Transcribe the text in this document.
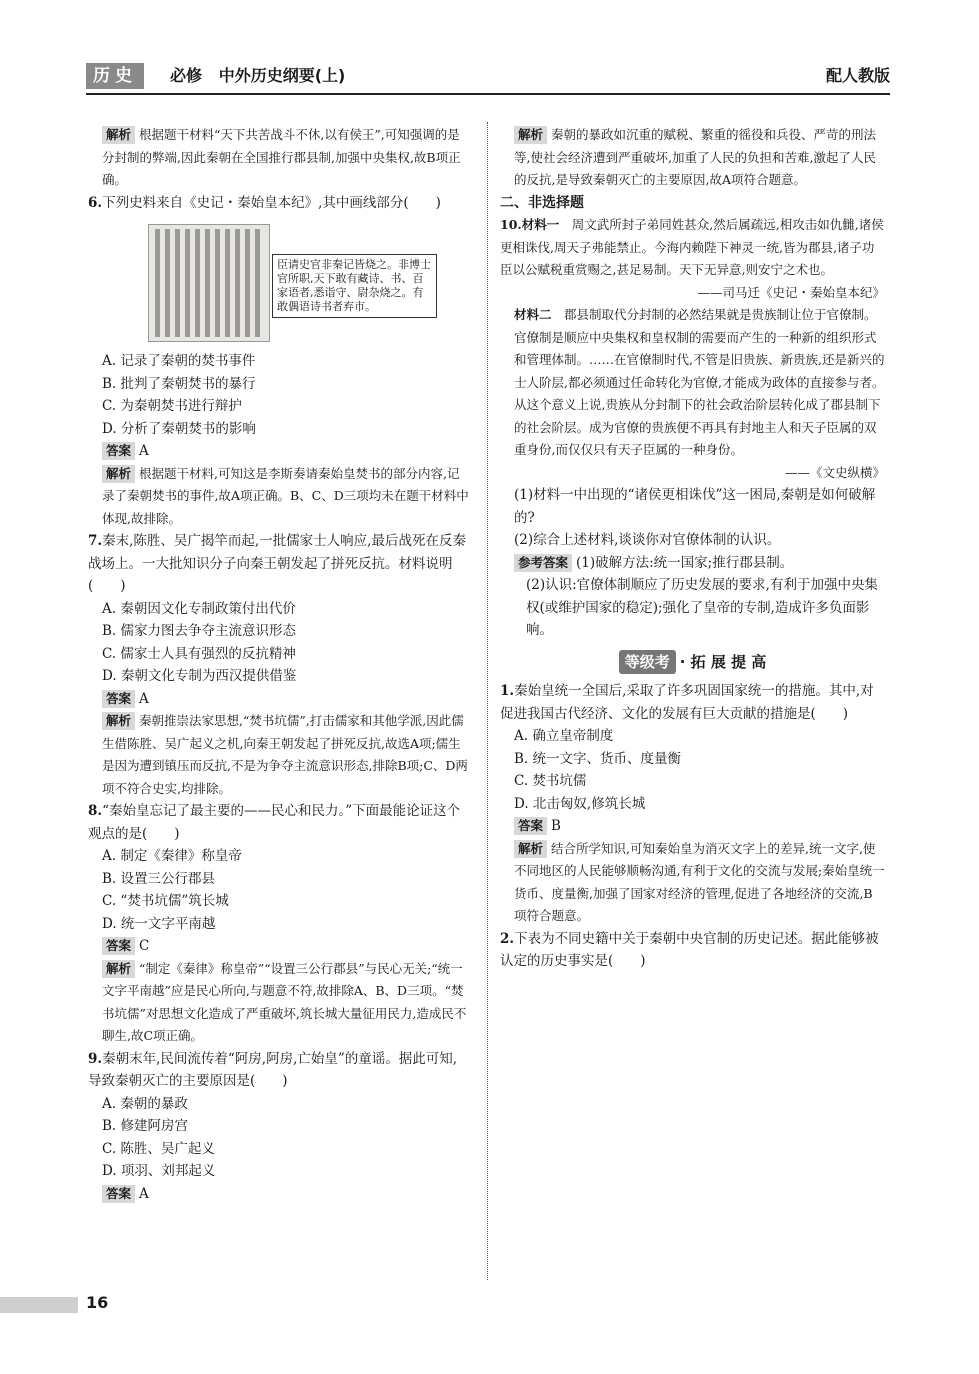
历史	必修   中外历史纲要(上)	配人教版

解析 根据题干材料“天下共苦战斗不休,以有侯王”,可知强调的是分封制的弊端,因此秦朝在全国推行郡县制,加强中央集权,故B项正确。

6.下列史料来自《史记・秦始皇本纪》,其中画线部分(　　)

臣请史官非秦记皆烧之。非博士官所职,天下敢有藏诗、书、百家语者,悉诣守、尉杂烧之。有敢偶语诗书者弃市。

A. 记录了秦朝的焚书事件

B. 批判了秦朝焚书的暴行

C. 为秦朝焚书进行辩护

D. 分析了秦朝焚书的影响

答案 A

解析 根据题干材料,可知这是李斯奏请秦始皇焚书的部分内容,记录了秦朝焚书的事件,故A项正确。B、C、D三项均未在题干材料中体现,故排除。

7.秦末,陈胜、吴广揭竿而起,一批儒家士人响应,最后战死在反秦战场上。一大批知识分子向秦王朝发起了拼死反抗。材料说明(　　)

A. 秦朝因文化专制政策付出代价

B. 儒家力图去争夺主流意识形态

C. 儒家士人具有强烈的反抗精神

D. 秦朝文化专制为西汉提供借鉴

答案 A

解析 秦朝推崇法家思想,“焚书坑儒”,打击儒家和其他学派,因此儒生借陈胜、吴广起义之机,向秦王朝发起了拼死反抗,故选A项;儒生是因为遭到镇压而反抗,不是为争夺主流意识形态,排除B项;C、D两项不符合史实,均排除。

8.“秦始皇忘记了最主要的——民心和民力。”下面最能论证这个观点的是(　　)

A. 制定《秦律》称皇帝

B. 设置三公行郡县

C. “焚书坑儒”筑长城

D. 统一文字平南越

答案 C

解析 “制定《秦律》称皇帝”“设置三公行郡县”与民心无关;“统一文字平南越”应是民心所向,与题意不符,故排除A、B、D三项。“焚书坑儒”对思想文化造成了严重破坏,筑长城大量征用民力,造成民不聊生,故C项正确。

9.秦朝末年,民间流传着“阿房,阿房,亡始皇”的童谣。据此可知,导致秦朝灭亡的主要原因是(　　)

A. 秦朝的暴政

B. 修建阿房宫

C. 陈胜、吴广起义

D. 项羽、刘邦起义

答案 A

解析 秦朝的暴政如沉重的赋税、繁重的徭役和兵役、严苛的刑法等,使社会经济遭到严重破坏,加重了人民的负担和苦难,激起了人民的反抗,是导致秦朝灭亡的主要原因,故A项符合题意。

二、非选择题

10.材料一　 周文武所封子弟同姓甚众,然后属疏远,相攻击如仇雠,诸侯更相诛伐,周天子弗能禁止。今海内赖陛下神灵一统,皆为郡县,诸子功臣以公赋税重赏赐之,甚足易制。天下无异意,则安宁之术也。

——司马迁《史记・秦始皇本纪》

材料二　 郡县制取代分封制的必然结果就是贵族制让位于官僚制。官僚制是顺应中央集权和皇权制的需要而产生的一种新的组织形式和管理体制。……在官僚制时代,不管是旧贵族、新贵族,还是新兴的士人阶层,都必须通过任命转化为官僚,才能成为政体的直接参与者。从这个意义上说,贵族从分封制下的社会政治阶层转化成了郡县制下的社会阶层。成为官僚的贵族便不再具有封地主人和天子臣属的双重身份,而仅仅只有天子臣属的一种身份。

——《文史纵横》

(1)材料一中出现的“诸侯更相诛伐”这一困局,秦朝是如何破解的?

(2)综合上述材料,谈谈你对官僚体制的认识。

参考答案 (1)破解方法:统一国家;推行郡县制。

(2)认识:官僚体制顺应了历史发展的要求,有利于加强中央集权(或维护国家的稳定);强化了皇帝的专制,造成许多负面影响。

等级考 · 拓 展 提 高

1.秦始皇统一全国后,采取了许多巩固国家统一的措施。其中,对促进我国古代经济、文化的发展有巨大贡献的措施是(　　)

A. 确立皇帝制度

B. 统一文字、货币、度量衡

C. 焚书坑儒

D. 北击匈奴,修筑长城

答案 B

解析 结合所学知识,可知秦始皇为消灭文字上的差异,统一文字,使不同地区的人民能够顺畅沟通,有利于文化的交流与发展;秦始皇统一货币、度量衡,加强了国家对经济的管理,促进了各地经济的交流,B项符合题意。

2.下表为不同史籍中关于秦朝中央官制的历史记述。据此能够被认定的历史事实是(　　)

16
